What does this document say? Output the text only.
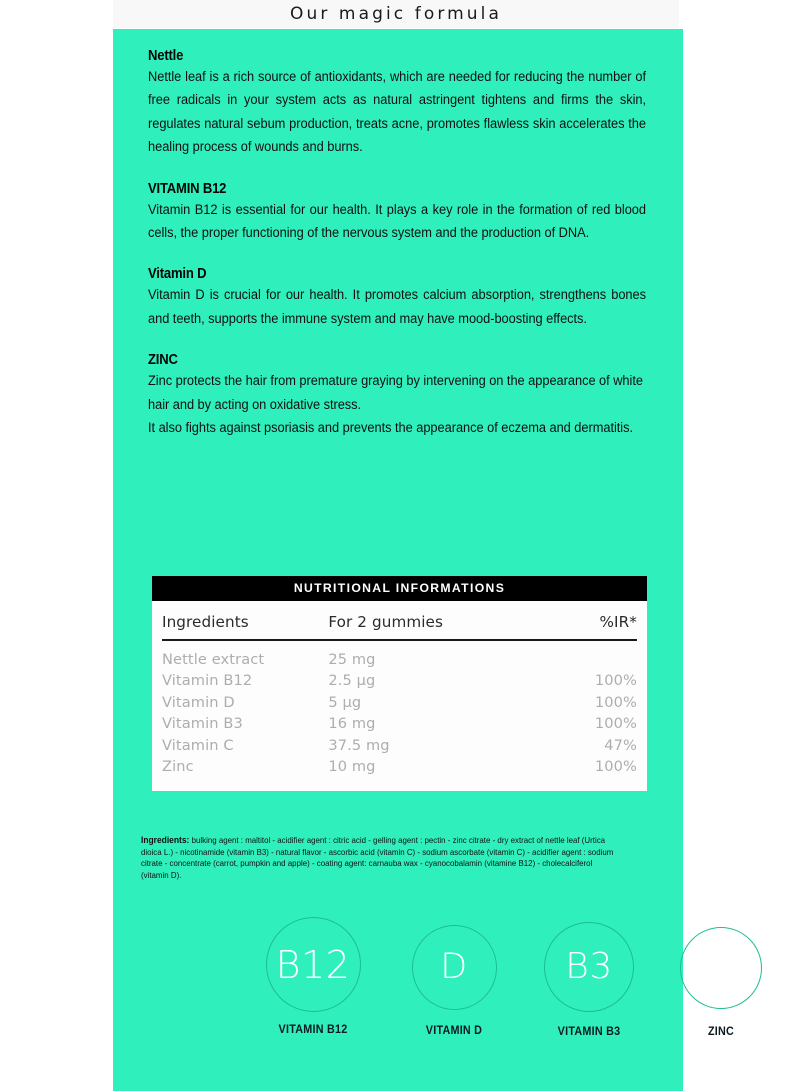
Our magic formula
Nettle

Nettle leaf is a rich source of antioxidants, which are needed for reducing the number of free radicals in your system acts as natural astringent tightens and firms the skin, regulates natural sebum production, treats acne, promotes flawless skin accelerates the healing process of wounds and burns.

VITAMIN B12

Vitamin B12 is essential for our health. It plays a key role in the formation of red blood cells, the proper functioning of the nervous system and the production of DNA.

Vitamin D

Vitamin D is crucial for our health. It promotes calcium absorption, strengthens bones and teeth, supports the immune system and may have mood-boosting effects.

ZINC

Zinc protects the hair from premature graying by intervening on the appearance of white hair and by acting on oxidative stress.

It also fights against psoriasis and prevents the appearance of eczema and dermatitis.

NUTRITIONAL INFORMATIONS
Ingredients	For 2 gummies	%IR*

Nettle extract	25 mg	
Vitamin B12	2.5 µg	100%
Vitamin D	5 µg	100%
Vitamin B3	16 mg	100%
Vitamin C	37.5 mg	47%
Zinc	10 mg	100%
Ingredients: bulking agent : maltitol - acidifier agent : citric acid - gelling agent : pectin - zinc citrate - dry extract of nettle leaf (Urtica dioica L.) - nicotinamide (vitamin B3) - natural flavor - ascorbic acid (vitamin C) - sodium ascorbate (vitamin C) - acidifier agent : sodium citrate - concentrate (carrot, pumpkin and apple) - coating agent: carnauba wax - cyanocobalamin (vitamine B12) - cholecalciferol (vitamin D).
B12
VITAMIN B12
D
VITAMIN D
B3
VITAMIN B3
Zn
ZINC
